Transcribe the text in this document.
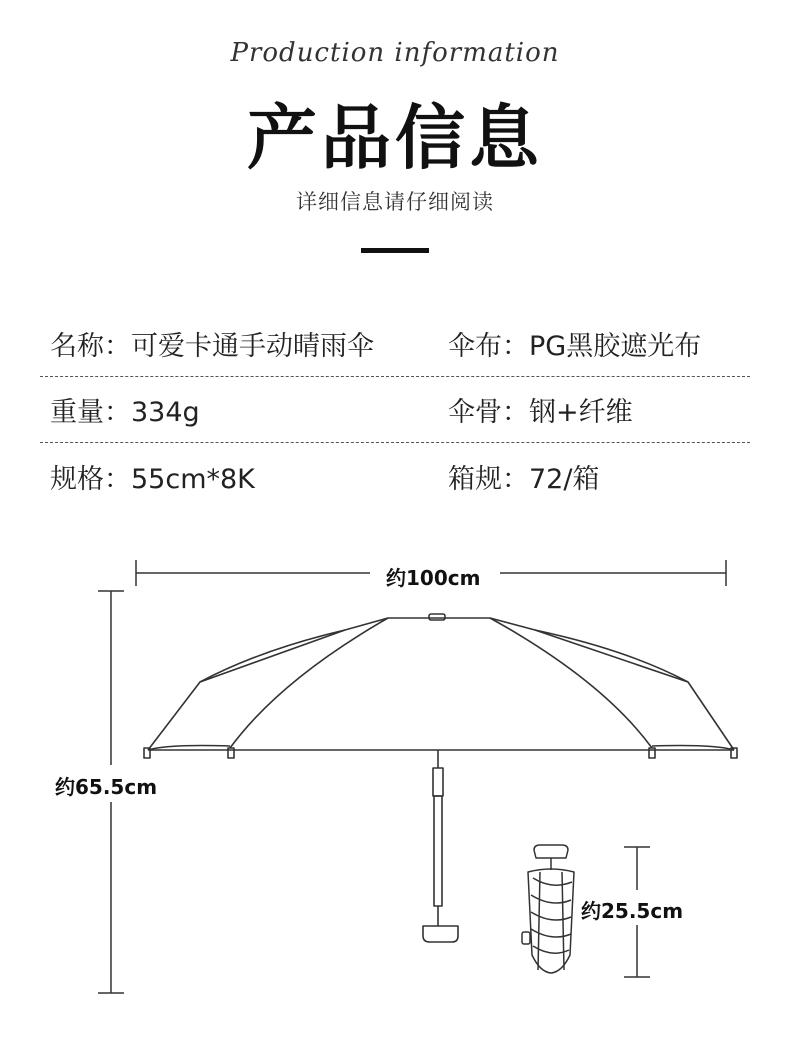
Production information
产品信息
详细信息请仔细阅读
名称：可爱卡通手动晴雨伞	伞布：PG黑胶遮光布
重量：334g	伞骨：钢+纤维
规格：55cm*8K	箱规：72/箱
约100cm
约65.5cm
约25.5cm
